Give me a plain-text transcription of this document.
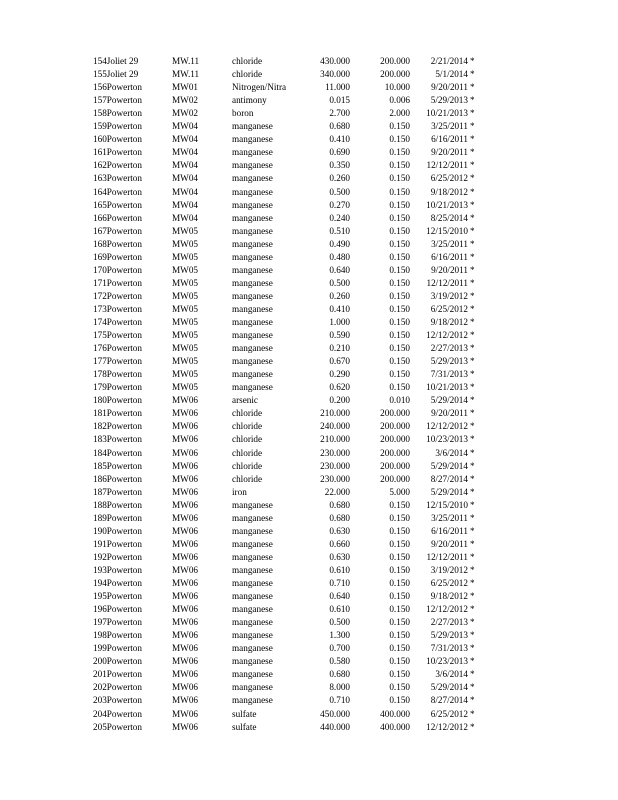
154Joliet 29	MW.11	chloride	430.000	200.000 2/21/2014 *
155Joliet 29	MW.11	chloride	340.000	200.000	5/1/2014 *
156Powerton	MW01	Nitrogen/Nitra	11.000	10.000 9/20/2011 *
157Powerton	MW02	antimony	0.015	0.006 5/29/2013 *
158Powerton	MW02	boron	2.700	2.000 10/21/2013 *
159Powerton	MW04	manganese	0.680	0.150 3/25/2011 *
160Powerton	MW04	manganese	0.410	0.150 6/16/2011 *
161Powerton	MW04	manganese	0.690	0.150 9/20/2011 *
162Powerton	MW04	manganese	0.350	0.150 12/12/2011 *
163Powerton	MW04	manganese	0.260	0.150 6/25/2012 *
164Powerton	MW04	manganese	0.500	0.150 9/18/2012 *
165Powerton	MW04	manganese	0.270	0.150 10/21/2013 *
166Powerton	MW04	manganese	0.240	0.150 8/25/2014 *
167Powerton	MW05	manganese	0.510	0.150 12/15/2010 *
168Powerton	MW05	manganese	0.490	0.150 3/25/2011 *
169Powerton	MW05	manganese	0.480	0.150 6/16/2011 *
170Powerton	MW05	manganese	0.640	0.150 9/20/2011 *
171Powerton	MW05	manganese	0.500	0.150 12/12/2011 *
172Powerton	MW05	manganese	0.260	0.150 3/19/2012 *
173Powerton	MW05	manganese	0.410	0.150 6/25/2012 *
174Powerton	MW05	manganese	1.000	0.150 9/18/2012 *
175Powerton	MW05	manganese	0.590	0.150 12/12/2012 *
176Powerton	MW05	manganese	0.210	0.150 2/27/2013 *
177Powerton	MW05	manganese	0.670	0.150 5/29/2013 *
178Powerton	MW05	manganese	0.290	0.150 7/31/2013 *
179Powerton	MW05	manganese	0.620	0.150 10/21/2013 *
180Powerton	MW06	arsenic	0.200	0.010 5/29/2014 *
181Powerton	MW06	chloride	210.000	200.000 9/20/2011 *
182Powerton	MW06	chloride	240.000	200.000 12/12/2012 *
183Powerton	MW06	chloride	210.000	200.000 10/23/2013 *
184Powerton	MW06	chloride	230.000	200.000	3/6/2014 *
185Powerton	MW06	chloride	230.000	200.000 5/29/2014 *
186Powerton	MW06	chloride	230.000	200.000 8/27/2014 *
187Powerton	MW06	iron	22.000	5.000 5/29/2014 *
188Powerton	MW06	manganese	0.680	0.150 12/15/2010 *
189Powerton	MW06	manganese	0.680	0.150 3/25/2011 *
190Powerton	MW06	manganese	0.630	0.150 6/16/2011 *
191Powerton	MW06	manganese	0.660	0.150 9/20/2011 *
192Powerton	MW06	manganese	0.630	0.150 12/12/2011 *
193Powerton	MW06	manganese	0.610	0.150 3/19/2012 *
194Powerton	MW06	manganese	0.710	0.150 6/25/2012 *
195Powerton	MW06	manganese	0.640	0.150 9/18/2012 *
196Powerton	MW06	manganese	0.610	0.150 12/12/2012 *
197Powerton	MW06	manganese	0.500	0.150 2/27/2013 *
198Powerton	MW06	manganese	1.300	0.150 5/29/2013 *
199Powerton	MW06	manganese	0.700	0.150 7/31/2013 *
200Powerton	MW06	manganese	0.580	0.150 10/23/2013 *
201Powerton	MW06	manganese	0.680	0.150	3/6/2014 *
202Powerton	MW06	manganese	8.000	0.150 5/29/2014 *
203Powerton	MW06	manganese	0.710	0.150 8/27/2014 *
204Powerton	MW06	sulfate	450.000	400.000 6/25/2012 *
205Powerton	MW06	sulfate	440.000	400.000 12/12/2012 *
